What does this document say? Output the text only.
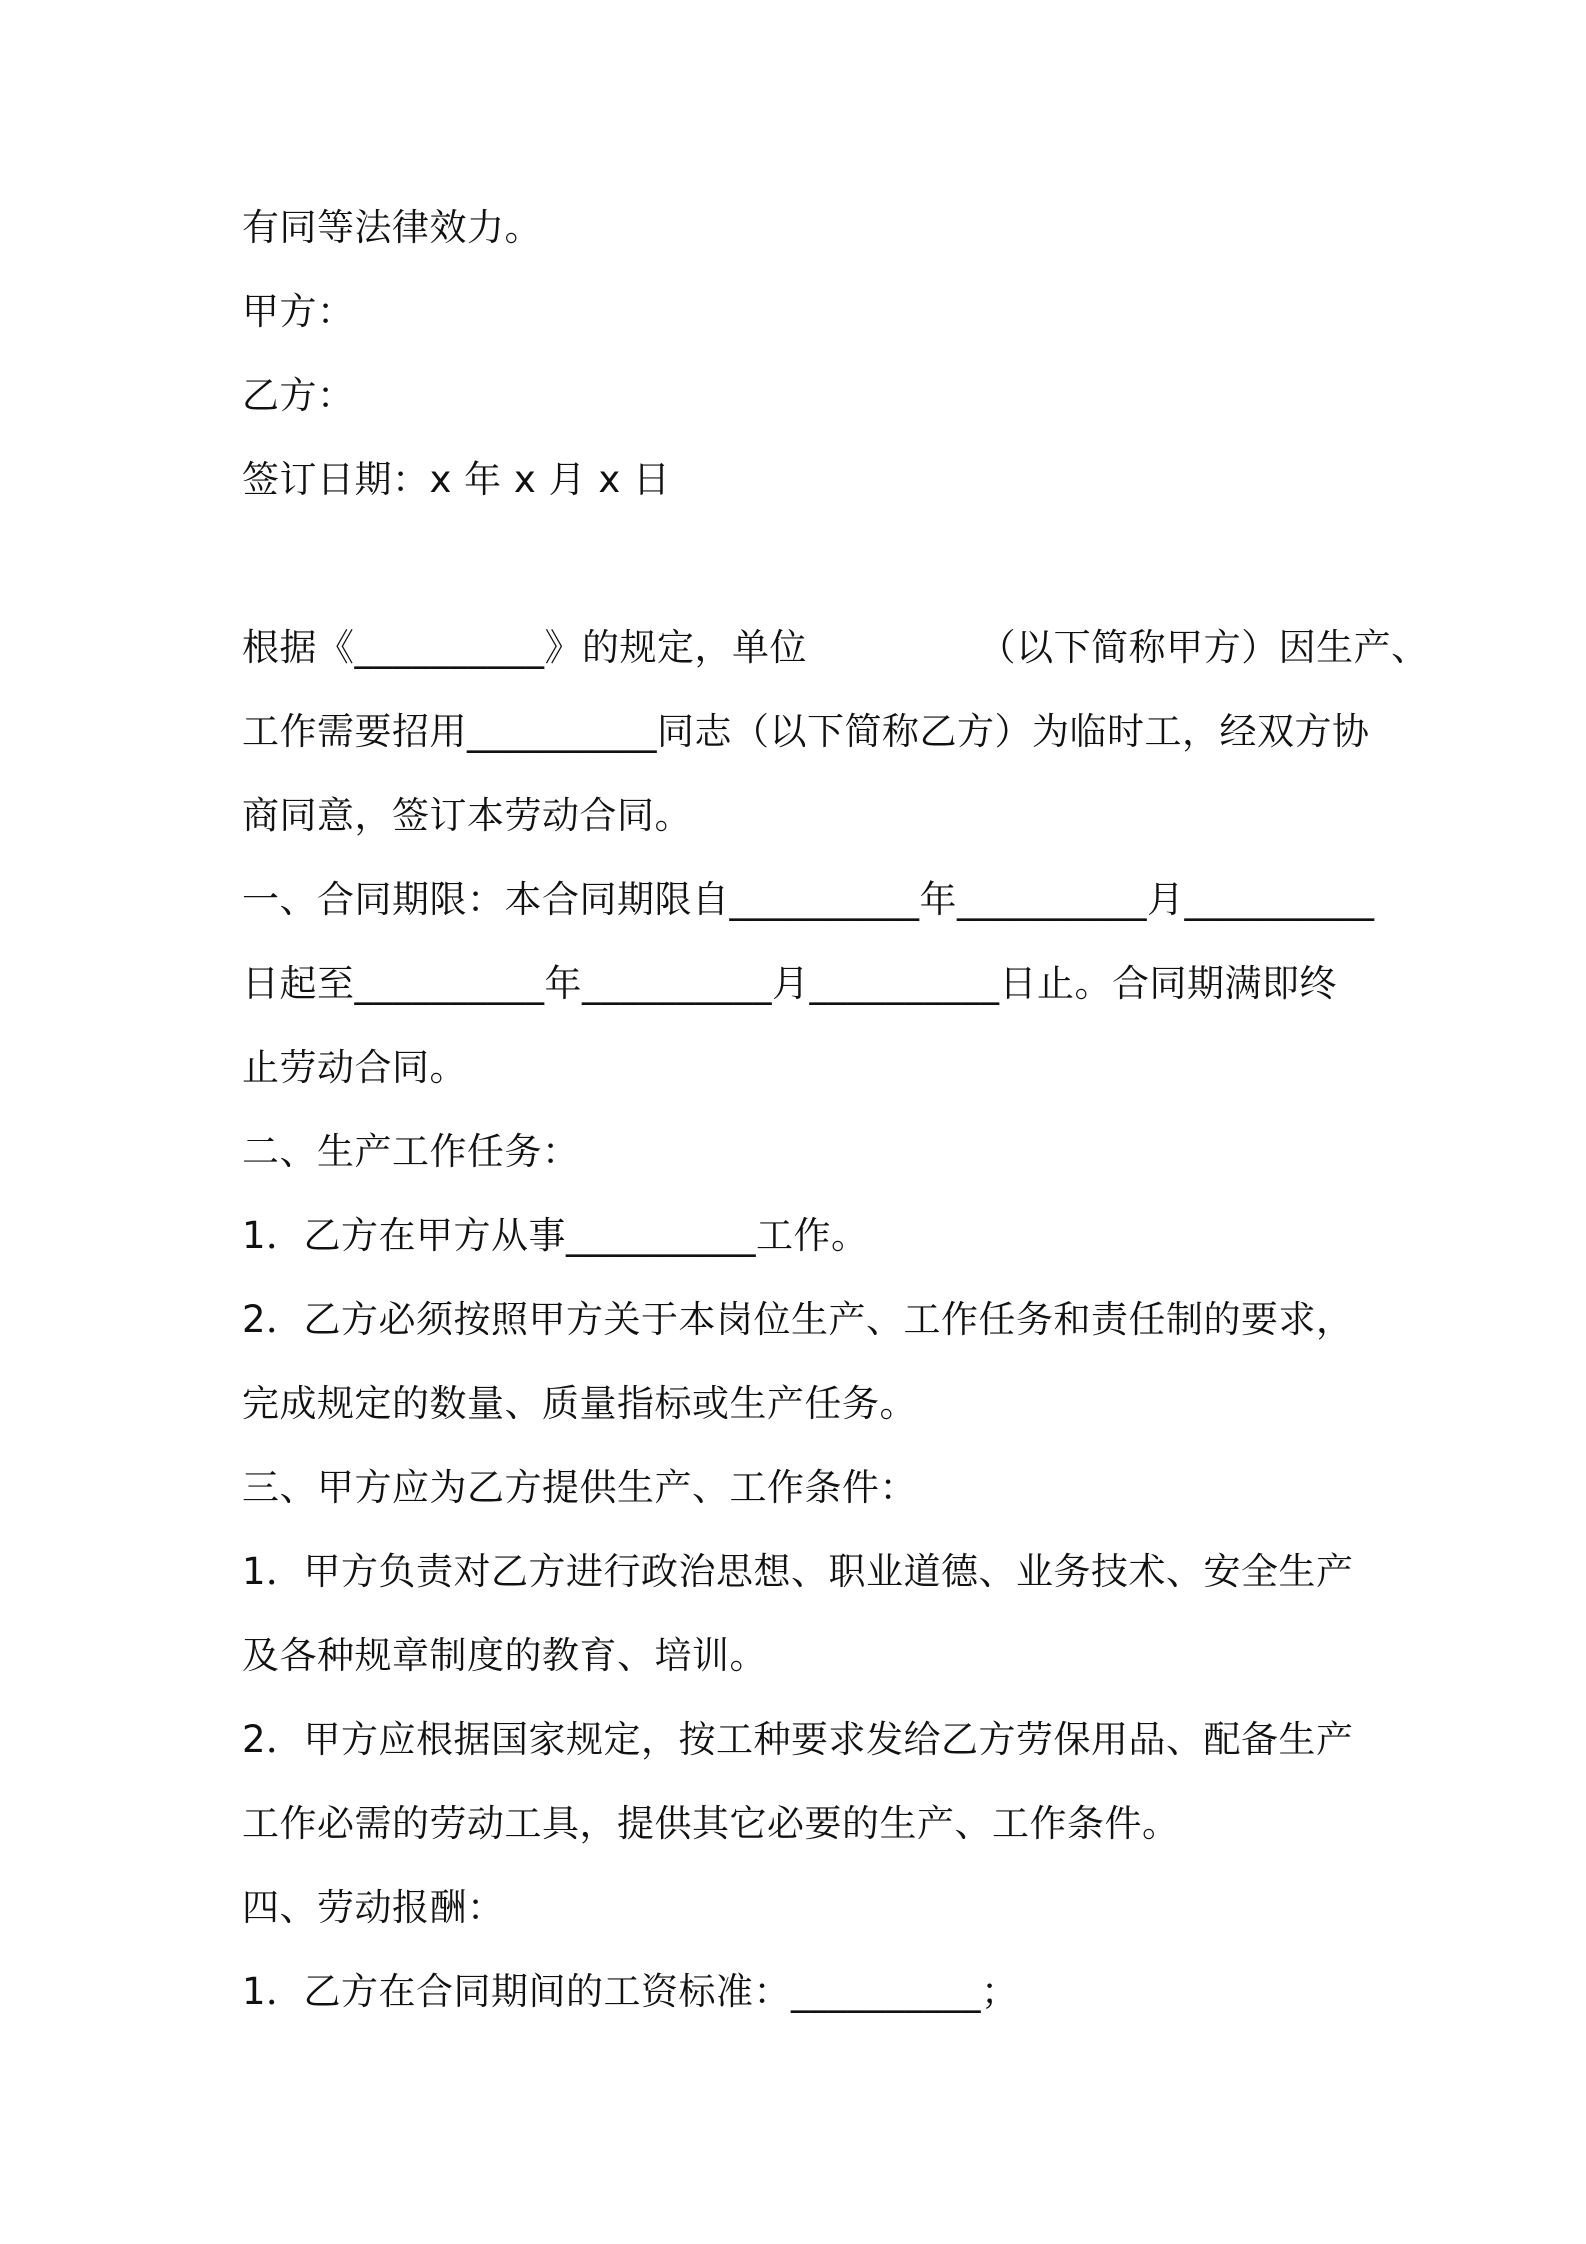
有同等法律效力。
甲方：
乙方：
签订日期：x 年 x 月 x 日
根据《__________》的规定，单位              （以下简称甲方）因生产、
工作需要招用__________同志（以下简称乙方）为临时工，经双方协
商同意，签订本劳动合同。
一、合同期限：本合同期限自__________年__________月__________
日起至__________年__________月__________日止。合同期满即终
止劳动合同。
二、生产工作任务：
1．乙方在甲方从事__________工作。
2．乙方必须按照甲方关于本岗位生产、工作任务和责任制的要求，
完成规定的数量、质量指标或生产任务。
三、甲方应为乙方提供生产、工作条件：
1．甲方负责对乙方进行政治思想、职业道德、业务技术、安全生产
及各种规章制度的教育、培训。
2．甲方应根据国家规定，按工种要求发给乙方劳保用品、配备生产
工作必需的劳动工具，提供其它必要的生产、工作条件。
四、劳动报酬：
1．乙方在合同期间的工资标准：__________；
